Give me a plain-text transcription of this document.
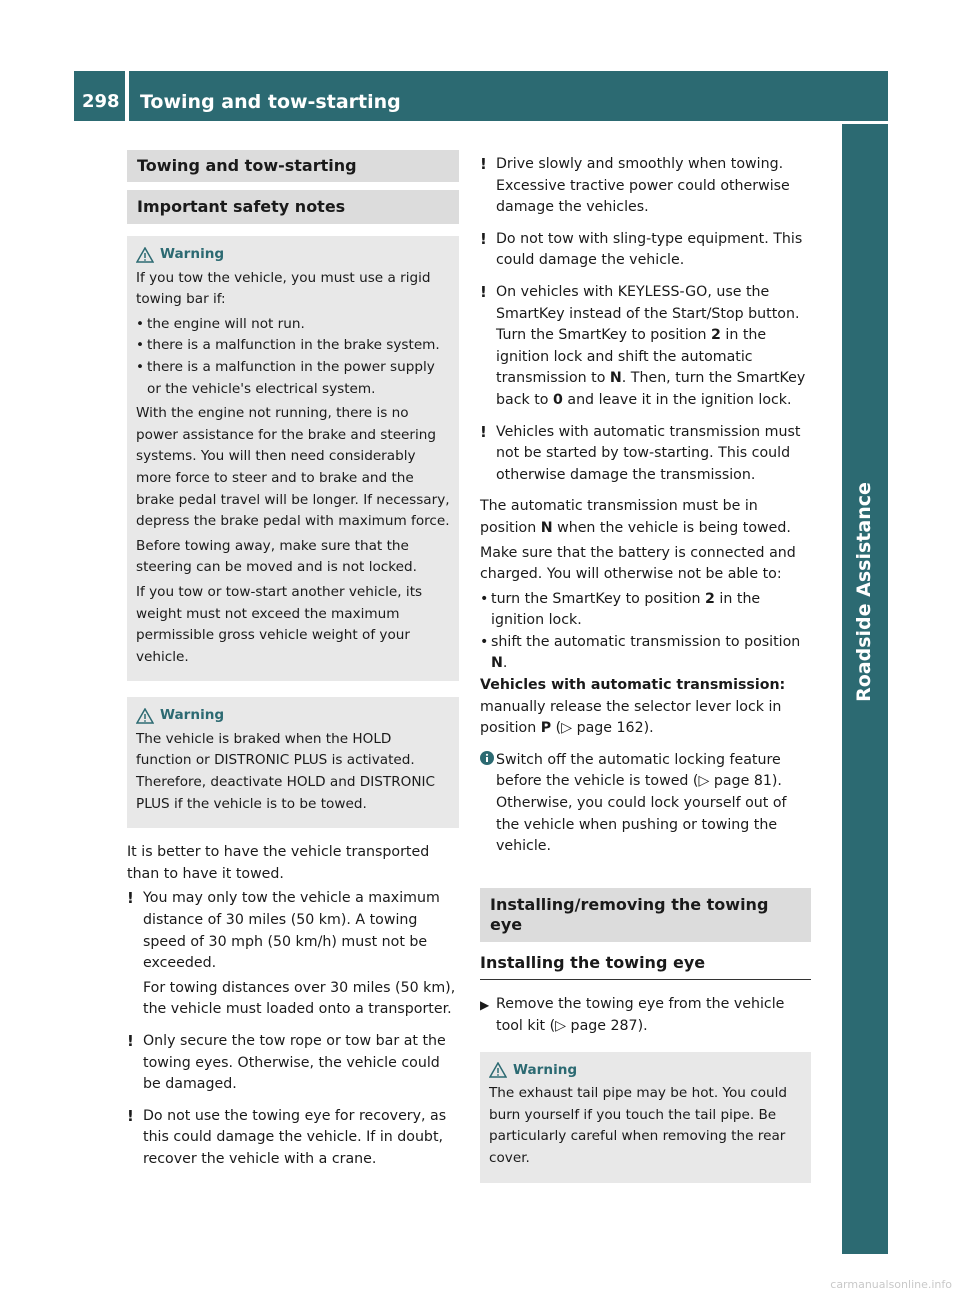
298 Towing and tow-starting
Roadside Assistance
Towing and tow-starting
Important safety notes
Warning

If you tow the vehicle, you must use a rigid towing bar if:

• the engine will not run.
• there is a malfunction in the brake system.
• there is a malfunction in the power supply or the vehicle's electrical system.

With the engine not running, there is no power assistance for the brake and steering systems. You will then need considerably more force to steer and to brake and the brake pedal travel will be longer. If necessary, depress the brake pedal with maximum force.

Before towing away, make sure that the steering can be moved and is not locked.

If you tow or tow-start another vehicle, its weight must not exceed the maximum permissible gross vehicle weight of your vehicle.

Warning

The vehicle is braked when the HOLD function or DISTRONIC PLUS is activated. Therefore, deactivate HOLD and DISTRONIC PLUS if the vehicle is to be towed.

It is better to have the vehicle transported than to have it towed.

! You may only tow the vehicle a maximum distance of 30 miles (50 km). A towing speed of 30 mph (50 km/h) must not be exceeded.

For towing distances over 30 miles (50 km), the vehicle must loaded onto a transporter.

! Only secure the tow rope or tow bar at the towing eyes. Otherwise, the vehicle could be damaged.
! Do not use the towing eye for recovery, as this could damage the vehicle. If in doubt, recover the vehicle with a crane.
! Drive slowly and smoothly when towing. Excessive tractive power could otherwise damage the vehicles.
! Do not tow with sling-type equipment. This could damage the vehicle.
! On vehicles with KEYLESS-GO, use the SmartKey instead of the Start/Stop button. Turn the SmartKey to position 2 in the ignition lock and shift the automatic transmission to N. Then, turn the SmartKey back to 0 and leave it in the ignition lock.
! Vehicles with automatic transmission must not be started by tow-starting. This could otherwise damage the transmission.

The automatic transmission must be in position N when the vehicle is being towed.

Make sure that the battery is connected and charged. You will otherwise not be able to:

• turn the SmartKey to position 2 in the ignition lock.
• shift the automatic transmission to position N.

Vehicles with automatic transmission: manually release the selector lever lock in position P (▷ page 162).

Switch off the automatic locking feature before the vehicle is towed (▷ page 81). Otherwise, you could lock yourself out of the vehicle when pushing or towing the vehicle.
Installing/removing the towing eye
Installing the towing eye
▶ Remove the towing eye from the vehicle tool kit (▷ page 287).
Warning

The exhaust tail pipe may be hot. You could burn yourself if you touch the tail pipe. Be particularly careful when removing the rear cover.

carmanualsonline.info
